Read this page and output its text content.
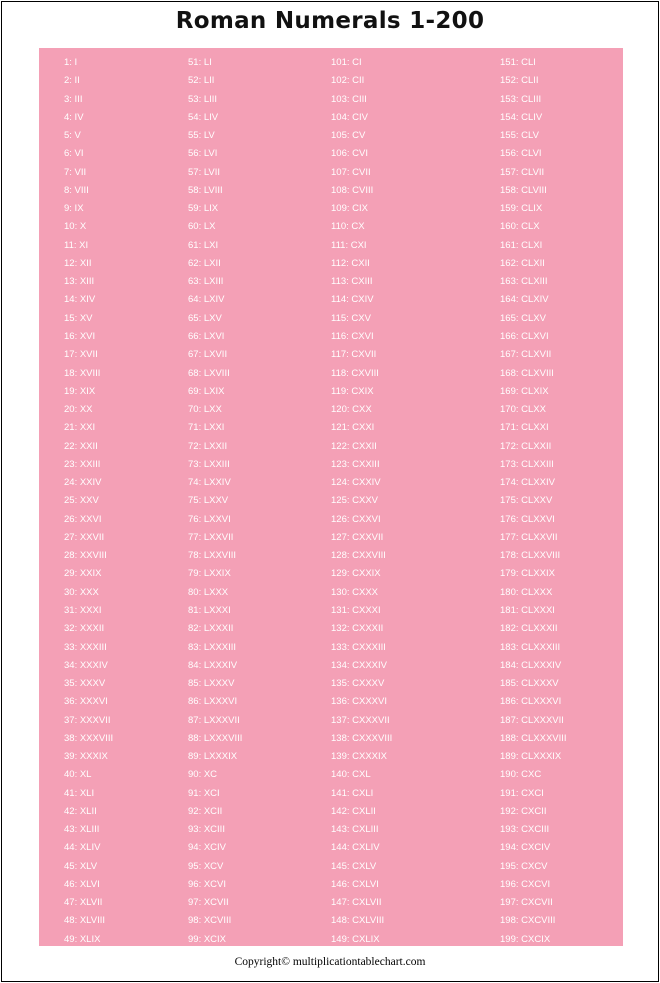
Roman Numerals 1-200
1: I
2: II
3: III
4: IV
5: V
6: VI
7: VII
8: VIII
9: IX
10: X
11: XI
12: XII
13: XIII
14: XIV
15: XV
16: XVI
17: XVII
18: XVIII
19: XIX
20: XX
21: XXI
22: XXII
23: XXIII
24: XXIV
25: XXV
26: XXVI
27: XXVII
28: XXVIII
29: XXIX
30: XXX
31: XXXI
32: XXXII
33: XXXIII
34: XXXIV
35: XXXV
36: XXXVI
37: XXXVII
38: XXXVIII
39: XXXIX
40: XL
41: XLI
42: XLII
43: XLIII
44: XLIV
45: XLV
46: XLVI
47: XLVII
48: XLVIII
49: XLIX
51: LI
52: LII
53: LIII
54: LIV
55: LV
56: LVI
57: LVII
58: LVIII
59: LIX
60: LX
61: LXI
62: LXII
63: LXIII
64: LXIV
65: LXV
66: LXVI
67: LXVII
68: LXVIII
69: LXIX
70: LXX
71: LXXI
72: LXXII
73: LXXIII
74: LXXIV
75: LXXV
76: LXXVI
77: LXXVII
78: LXXVIII
79: LXXIX
80: LXXX
81: LXXXI
82: LXXXII
83: LXXXIII
84: LXXXIV
85: LXXXV
86: LXXXVI
87: LXXXVII
88: LXXXVIII
89: LXXXIX
90: XC
91: XCI
92: XCII
93: XCIII
94: XCIV
95: XCV
96: XCVI
97: XCVII
98: XCVIII
99: XCIX
101: CI
102: CII
103: CIII
104: CIV
105: CV
106: CVI
107: CVII
108: CVIII
109: CIX
110: CX
111: CXI
112: CXII
113: CXIII
114: CXIV
115: CXV
116: CXVI
117: CXVII
118: CXVIII
119: CXIX
120: CXX
121: CXXI
122: CXXII
123: CXXIII
124: CXXIV
125: CXXV
126: CXXVI
127: CXXVII
128: CXXVIII
129: CXXIX
130: CXXX
131: CXXXI
132: CXXXII
133: CXXXIII
134: CXXXIV
135: CXXXV
136: CXXXVI
137: CXXXVII
138: CXXXVIII
139: CXXXIX
140: CXL
141: CXLI
142: CXLII
143: CXLIII
144: CXLIV
145: CXLV
146: CXLVI
147: CXLVII
148: CXLVIII
149: CXLIX
151: CLI
152: CLII
153: CLIII
154: CLIV
155: CLV
156: CLVI
157: CLVII
158: CLVIII
159: CLIX
160: CLX
161: CLXI
162: CLXII
163: CLXIII
164: CLXIV
165: CLXV
166: CLXVI
167: CLXVII
168: CLXVIII
169: CLXIX
170: CLXX
171: CLXXI
172: CLXXII
173: CLXXIII
174: CLXXIV
175: CLXXV
176: CLXXVI
177: CLXXVII
178: CLXXVIII
179: CLXXIX
180: CLXXX
181: CLXXXI
182: CLXXXII
183: CLXXXIII
184: CLXXXIV
185: CLXXXV
186: CLXXXVI
187: CLXXXVII
188: CLXXXVIII
189: CLXXXIX
190: CXC
191: CXCI
192: CXCII
193: CXCIII
194: CXCIV
195: CXCV
196: CXCVI
197: CXCVII
198: CXCVIII
199: CXCIX
Copyright© multiplicationtablechart.com
